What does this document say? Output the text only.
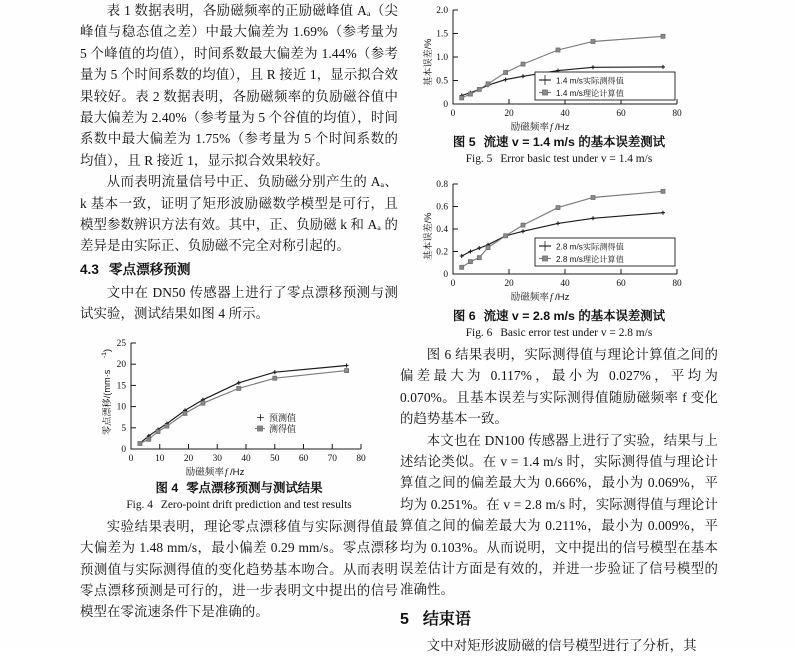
表 1 数据表明，各励磁频率的正励磁峰值 Aₐ（尖峰值与稳态值之差）中最大偏差为 1.69%（参考量为 5 个峰值的均值），时间系数最大偏差为 1.44%（参考量为 5 个时间系数的均值），且 R 接近 1，显示拟合效果较好。表 2 数据表明，各励磁频率的负励磁谷值中最大偏差为 2.40%（参考量为 5 个谷值的均值），时间系数中最大偏差为 1.75%（参考量为 5 个时间系数的均值），且 R 接近 1，显示拟合效果较好。

从而表明流量信号中正、负励磁分别产生的 Aₐ、k 基本一致，证明了矩形波励磁数学模型是可行，且模型参数辨识方法有效。其中，正、负励磁 k 和 Aₐ 的差异是由实际正、负励磁不完全对称引起的。

4.3 零点漂移预测

文中在 DN50 传感器上进行了零点漂移预测与测试实验，测试结果如图 4 所示。

零点漂移/(mm·s
-1
)
0
5
10
15
20
25
0 10 20 30 40 50 60 70 80
预测值
测得值
励磁频率 f /Hz
图 4 零点漂移预测与测试结果
Fig. 4 Zero-point drift prediction and test results

实验结果表明，理论零点漂移值与实际测得值最大偏差为 1.48 mm/s，最小偏差 0.29 mm/s。零点漂移预测值与实际测得值的变化趋势基本吻合。从而表明零点漂移预测是可行的，进一步表明文中提出的信号模型在零流速条件下是准确的。

基本误差/%
0
0.5
1.0
1.5
2.0
0	20	40	60	80
1.4 m/s实际测得值
1.4 m/s理论计算值
励磁频率 f /Hz
图 5 流速 v = 1.4 m/s 的基本误差测试
Fig. 5 Error basic test under v = 1.4 m/s
基本误差/%
0
0.2
0.4
0.6
0.8
0	20	40	60	80
2.8 m/s实际测得值
2.8 m/s理论计算值
励磁频率 f /Hz
图 6 流速 v = 2.8 m/s 的基本误差测试
Fig. 6 Basic error test under v = 2.8 m/s

图 6 结果表明，实际测得值与理论计算值之间的偏差最大为 0.117%，最小为 0.027%，平均为 0.070%。且基本误差与实际测得值随励磁频率 f 变化的趋势基本一致。

本文也在 DN100 传感器上进行了实验，结果与上述结论类似。在 v = 1.4 m/s 时，实际测得值与理论计算值之间的偏差最大为 0.666%，最小为 0.069%，平均为 0.251%。在 v = 2.8 m/s 时，实际测得值与理论计算值之间的偏差最大为 0.211%，最小为 0.009%，平均为 0.103%。从而说明，文中提出的信号模型在基本误差估计方面是有效的，并进一步验证了信号模型的准确性。

5 结束语

文中对矩形波励磁的信号模型进行了分析，其
